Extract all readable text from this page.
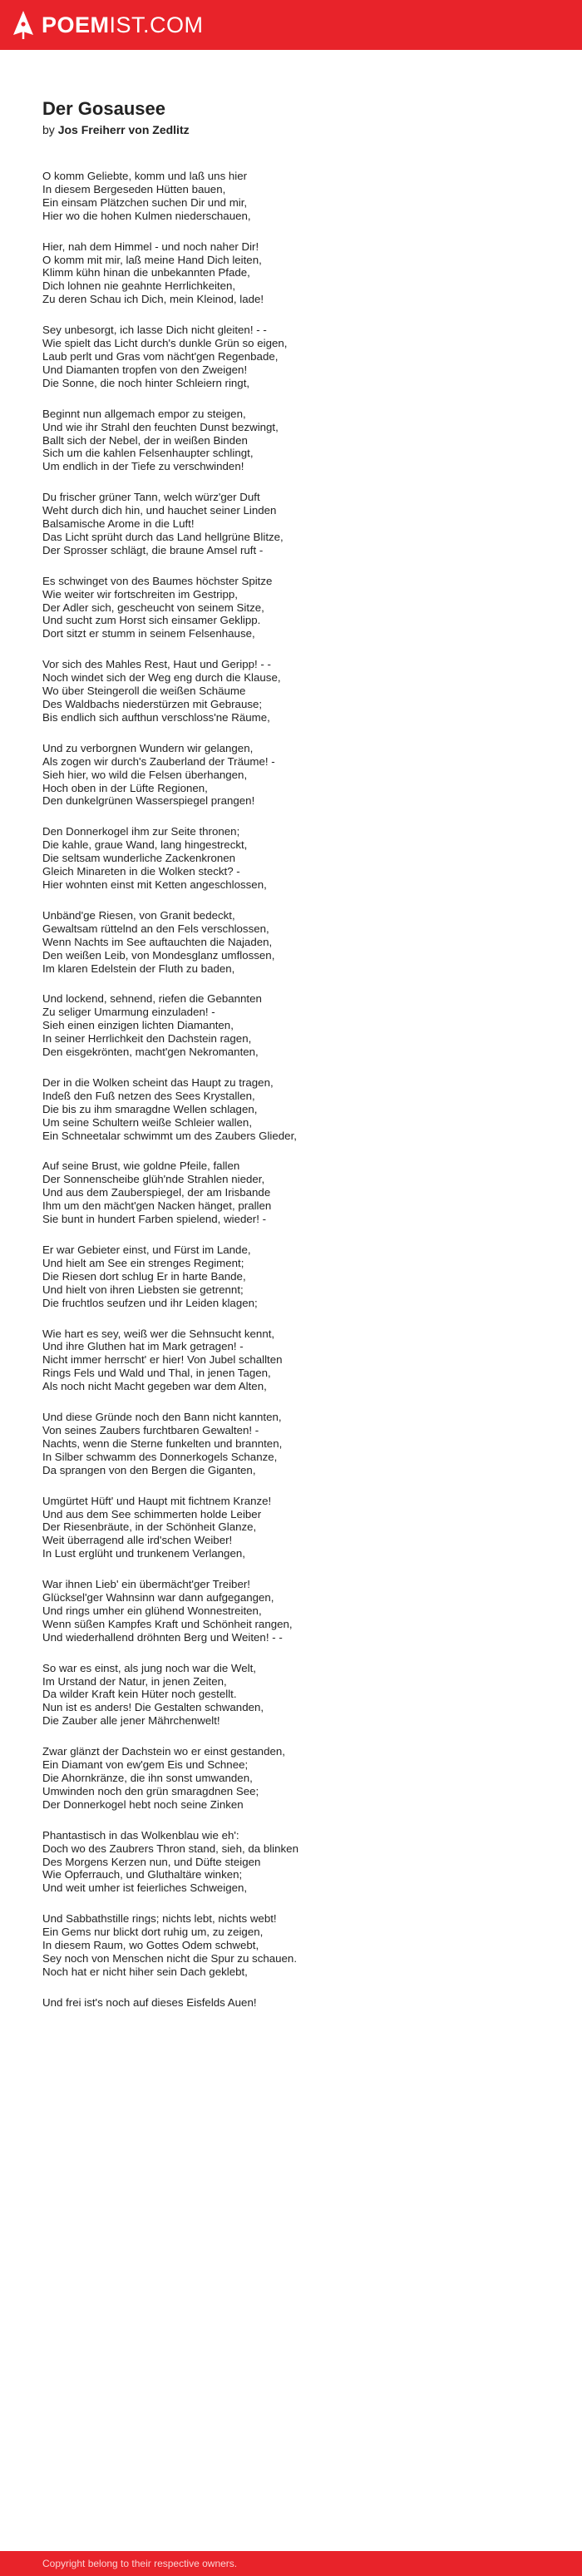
POEMIST.COM
Der Gosausee
by Jos Freiherr von Zedlitz
O komm Geliebte, komm und laß uns hier
In diesem Bergeseden Hütten bauen,
Ein einsam Plätzchen suchen Dir und mir,
Hier wo die hohen Kulmen niederschauen,
Hier, nah dem Himmel - und noch naher Dir!
O komm mit mir, laß meine Hand Dich leiten,
Klimm kühn hinan die unbekannten Pfade,
Dich lohnen nie geahnte Herrlichkeiten,
Zu deren Schau ich Dich, mein Kleinod, lade!
Sey unbesorgt, ich lasse Dich nicht gleiten! - -
Wie spielt das Licht durch's dunkle Grün so eigen,
Laub perlt und Gras vom nächt'gen Regenbade,
Und Diamanten tropfen von den Zweigen!
Die Sonne, die noch hinter Schleiern ringt,
Beginnt nun allgemach empor zu steigen,
Und wie ihr Strahl den feuchten Dunst bezwingt,
Ballt sich der Nebel, der in weißen Binden
Sich um die kahlen Felsenhaupter schlingt,
Um endlich in der Tiefe zu verschwinden!
Du frischer grüner Tann, welch würz'ger Duft
Weht durch dich hin, und hauchet seiner Linden
Balsamische Arome in die Luft!
Das Licht sprüht durch das Land hellgrüne Blitze,
Der Sprosser schlägt, die braune Amsel ruft -
Es schwinget von des Baumes höchster Spitze
Wie weiter wir fortschreiten im Gestripp,
Der Adler sich, gescheucht von seinem Sitze,
Und sucht zum Horst sich einsamer Geklipp.
Dort sitzt er stumm in seinem Felsenhause,
Vor sich des Mahles Rest, Haut und Geripp! - -
Noch windet sich der Weg eng durch die Klause,
Wo über Steingeroll die weißen Schäume
Des Waldbachs niederstürzen mit Gebrause;
Bis endlich sich aufthun verschloss'ne Räume,
Und zu verborgnen Wundern wir gelangen,
Als zogen wir durch's Zauberland der Träume! -
Sieh hier, wo wild die Felsen überhangen,
Hoch oben in der Lüfte Regionen,
Den dunkelgrünen Wasserspiegel prangen!
Den Donnerkogel ihm zur Seite thronen;
Die kahle, graue Wand, lang hingestreckt,
Die seltsam wunderliche Zackenkronen
Gleich Minareten in die Wolken steckt? -
Hier wohnten einst mit Ketten angeschlossen,
Unbänd'ge Riesen, von Granit bedeckt,
Gewaltsam rüttelnd an den Fels verschlossen,
Wenn Nachts im See auftauchten die Najaden,
Den weißen Leib, von Mondesglanz umflossen,
Im klaren Edelstein der Fluth zu baden,
Und lockend, sehnend, riefen die Gebannten
Zu seliger Umarmung einzuladen! -
Sieh einen einzigen lichten Diamanten,
In seiner Herrlichkeit den Dachstein ragen,
Den eisgekrönten, macht'gen Nekromanten,
Der in die Wolken scheint das Haupt zu tragen,
Indeß den Fuß netzen des Sees Krystallen,
Die bis zu ihm smaragdne Wellen schlagen,
Um seine Schultern weiße Schleier wallen,
Ein Schneetalar schwimmt um des Zaubers Glieder,
Auf seine Brust, wie goldne Pfeile, fallen
Der Sonnenscheibe glüh'nde Strahlen nieder,
Und aus dem Zauberspiegel, der am Irisbande
Ihm um den mächt'gen Nacken hänget, prallen
Sie bunt in hundert Farben spielend, wieder! -
Er war Gebieter einst, und Fürst im Lande,
Und hielt am See ein strenges Regiment;
Die Riesen dort schlug Er in harte Bande,
Und hielt von ihren Liebsten sie getrennt;
Die fruchtlos seufzen und ihr Leiden klagen;
Wie hart es sey, weiß wer die Sehnsucht kennt,
Und ihre Gluthen hat im Mark getragen! -
Nicht immer herrscht' er hier! Von Jubel schallten
Rings Fels und Wald und Thal, in jenen Tagen,
Als noch nicht Macht gegeben war dem Alten,
Und diese Gründe noch den Bann nicht kannten,
Von seines Zaubers furchtbaren Gewalten! -
Nachts, wenn die Sterne funkelten und brannten,
In Silber schwamm des Donnerkogels Schanze,
Da sprangen von den Bergen die Giganten,
Umgürtet Hüft' und Haupt mit fichtnem Kranze!
Und aus dem See schimmerten holde Leiber
Der Riesenbräute, in der Schönheit Glanze,
Weit überragend alle ird'schen Weiber!
In Lust erglüht und trunkenem Verlangen,
War ihnen Lieb' ein übermächt'ger Treiber!
Glücksel'ger Wahnsinn war dann aufgegangen,
Und rings umher ein glühend Wonnestreiten,
Wenn süßen Kampfes Kraft und Schönheit rangen,
Und wiederhallend dröhnten Berg und Weiten! - -
So war es einst, als jung noch war die Welt,
Im Urstand der Natur, in jenen Zeiten,
Da wilder Kraft kein Hüter noch gestellt.
Nun ist es anders! Die Gestalten schwanden,
Die Zauber alle jener Mährchenwelt!
Zwar glänzt der Dachstein wo er einst gestanden,
Ein Diamant von ew'gem Eis und Schnee;
Die Ahornkränze, die ihn sonst umwanden,
Umwinden noch den grün smaragdnen See;
Der Donnerkogel hebt noch seine Zinken
Phantastisch in das Wolkenblau wie eh':
Doch wo des Zaubrers Thron stand, sieh, da blinken
Des Morgens Kerzen nun, und Düfte steigen
Wie Opferrauch, und Gluthaltäre winken;
Und weit umher ist feierliches Schweigen,
Und Sabbathstille rings; nichts lebt, nichts webt!
Ein Gems nur blickt dort ruhig um, zu zeigen,
In diesem Raum, wo Gottes Odem schwebt,
Sey noch von Menschen nicht die Spur zu schauen.
Noch hat er nicht hiher sein Dach geklebt,
Und frei ist's noch auf dieses Eisfelds Auen!
Copyright belong to their respective owners.
